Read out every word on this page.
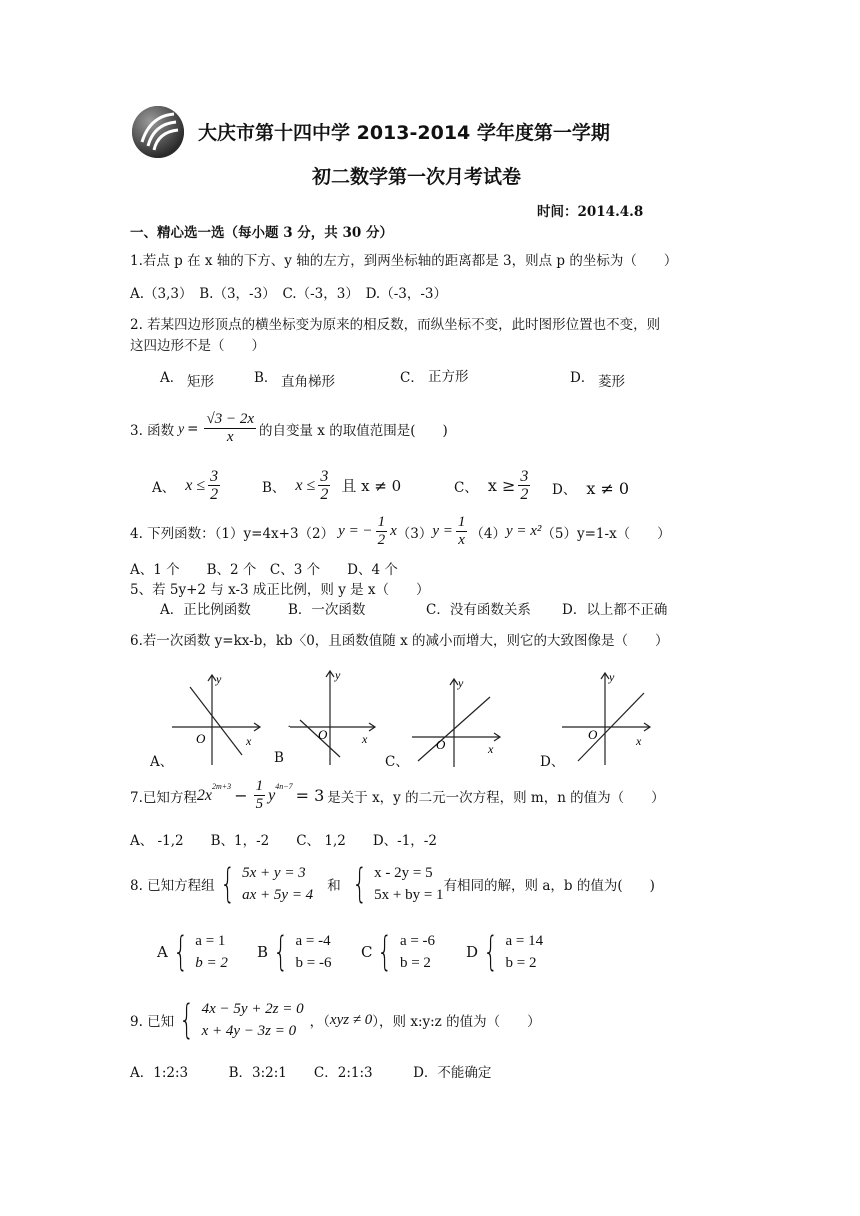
大庆市第十四中学 2013-2014 学年度第一学期
初二数学第一次月考试卷
时间：2014.4.8
一、精心选一选（每小题 3 分，共 30 分）
1.若点 p 在 x 轴的下方、y 轴的左方，到两坐标轴的距离都是 3，则点 p 的坐标为（　　）
A.（3,3）　B.（3，-3）　C.（-3，3）　D.（-3，-3）
2. 若某四边形顶点的横坐标变为原来的相反数，而纵坐标不变，此时图形位置也不变，则
这四边形不是（　　）
A． 矩形	B． 直角梯形	C． 正方形	D． 菱形
3. 函数 $y = \frac{√3 - 2x}{x}$ 的自变量 x 的取值范围是(　　)
A、 $x \le \frac{3}{2}$	B、 $x \le \frac{3}{2}$ 且 x ≠ 0	C、 $x \ge \frac{3}{2}$ D、 x ≠ 0
4. 下列函数：（1）y=4x+3（2） y = − $\frac{1}{2}$ x （3） $y = \frac{1}{x} (4) y = x^2$ （5）y=1-x（　　）
A、1 个　　B、2 个　C、3 个　　D、4 个
5、若 5y+2 与 x-3 成正比例，则 y 是 x（　　）
A．正比例函数	B．一次函数	C．没有函数关系 D．以上都不正确
6.若一次函数 y=kx-b，kb〈0，且函数值随 x 的减小而增大，则它的大致图像是（　　）
y
x
O
y
x
O
.
y
x
O
y
x
O
A、	B	C、	D、
7.已知方程 $2x^{2m+3} - \frac{1}{5} y^{4n-7} = 3$ 是关于 x，y 的二元一次方程，则 m，n 的值为（　　）
A、 -1,2　　B、1，-2　　C、 1,2　　D、-1，-2
8. 已知方程组 { 5x + y = 3
ax + 5y = 4
和 { x - 2y = 5
5x + by = 1
有相同的解，则 a，b 的值为(　　)
A { a = 1
b = 2
B { a = -4
b = -6
C { a = -6
b = 2
D { a = 14
b = 2
9. 已知 { 4x − 5y + 2z = 0
x + 4y − 3z = 0
，（ xyz ≠ 0 ），则 x:y:z 的值为（　　）
A．1:2:3　　　B．3:2:1　　C．2:1:3　　　D．不能确定
